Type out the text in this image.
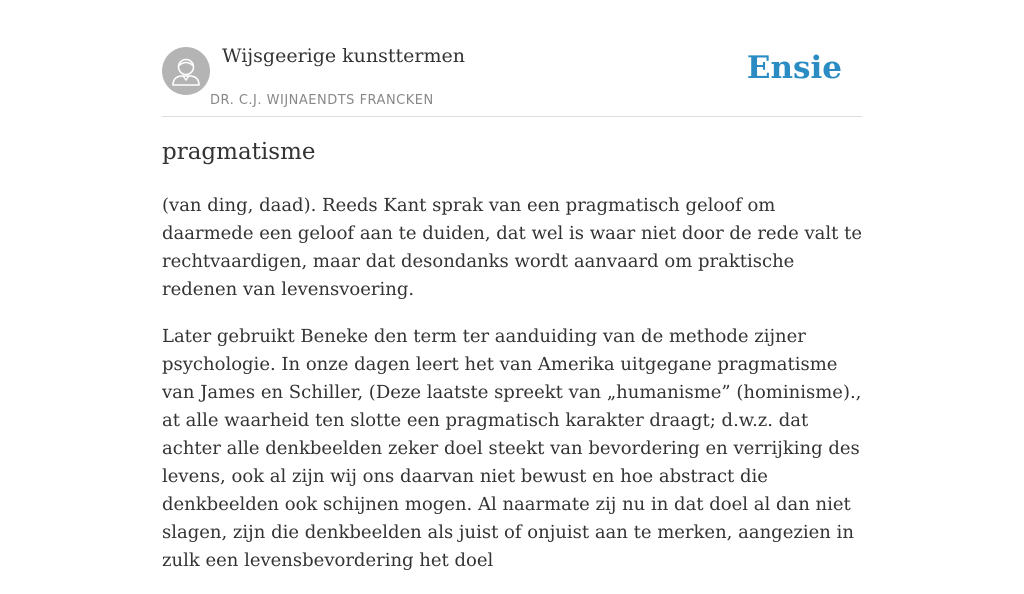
Wijsgeerige kunsttermen
DR. C.J. WIJNAENDTS FRANCKEN
Ensie
pragmatisme

(van ding, daad). Reeds Kant sprak van een pragmatisch geloof om daarmede een geloof aan te duiden, dat wel is waar niet door de rede valt te rechtvaardigen, maar dat desondanks wordt aanvaard om praktische redenen van levensvoering.

Later gebruikt Beneke den term ter aanduiding van de methode zijner psychologie. In onze dagen leert het van Amerika uitgegane pragmatisme van James en Schiller, (Deze laatste spreekt van „humanisme” (hominisme)., at alle waarheid ten slotte een pragmatisch karakter draagt; d.w.z. dat achter alle denkbeelden zeker doel steekt van bevordering en verrijking des levens, ook al zijn wij ons daarvan niet bewust en hoe abstract die denkbeelden ook schijnen mogen. Al naarmate zij nu in dat doel al dan niet slagen, zijn die denkbeelden als juist of onjuist aan te merken, aangezien in zulk een levensbevordering het doel
